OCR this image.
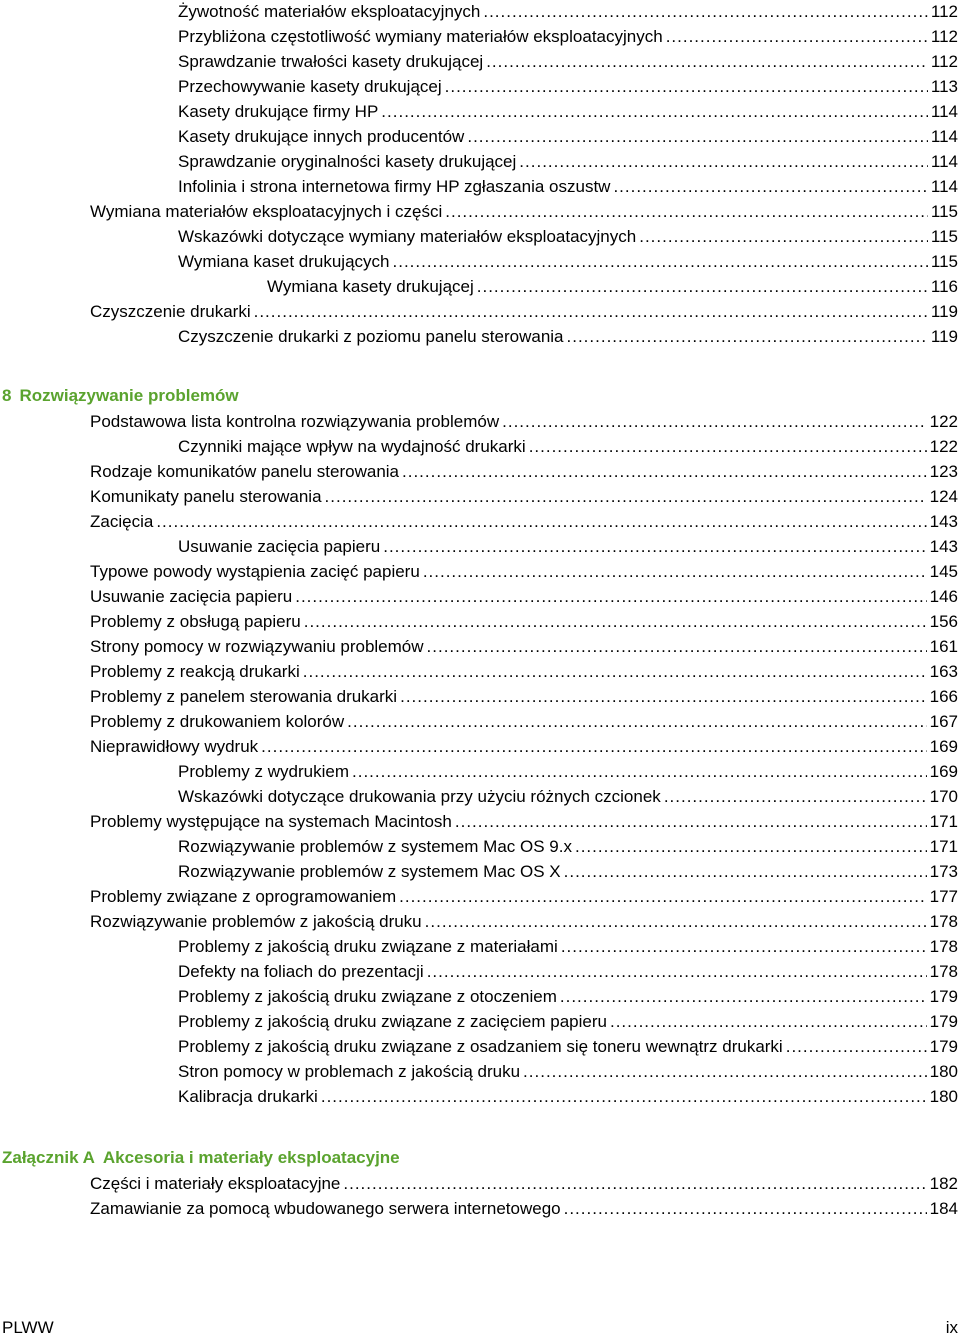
Żywotność materiałów eksploatacyjnych .....	112
Przybliżona częstotliwość wymiany materiałów eksploatacyjnych .....	112
Sprawdzanie trwałości kasety drukującej .....	112
Przechowywanie kasety drukującej .....	113
Kasety drukujące firmy HP .....	114
Kasety drukujące innych producentów .....	114
Sprawdzanie oryginalności kasety drukującej .....	114
Infolinia i strona internetowa firmy HP zgłaszania oszustw .....	114
Wymiana materiałów eksploatacyjnych i części .....	115
Wskazówki dotyczące wymiany materiałów eksploatacyjnych .....	115
Wymiana kaset drukujących .....	115
Wymiana kasety drukującej .....	116
Czyszczenie drukarki .....	119
Czyszczenie drukarki z poziomu panelu sterowania .....	119
8 Rozwiązywanie problemów
Podstawowa lista kontrolna rozwiązywania problemów .....	122
Czynniki mające wpływ na wydajność drukarki .....	122
Rodzaje komunikatów panelu sterowania .....	123
Komunikaty panelu sterowania .....	124
Zacięcia .....	143
Usuwanie zacięcia papieru .....	143
Typowe powody wystąpienia zacięć papieru .....	145
Usuwanie zacięcia papieru .....	146
Problemy z obsługą papieru .....	156
Strony pomocy w rozwiązywaniu problemów .....	161
Problemy z reakcją drukarki .....	163
Problemy z panelem sterowania drukarki .....	166
Problemy z drukowaniem kolorów .....	167
Nieprawidłowy wydruk .....	169
Problemy z wydrukiem .....	169
Wskazówki dotyczące drukowania przy użyciu różnych czcionek .....	170
Problemy występujące na systemach Macintosh .....	171
Rozwiązywanie problemów z systemem Mac OS 9.x .....	171
Rozwiązywanie problemów z systemem Mac OS X .....	173
Problemy związane z oprogramowaniem .....	177
Rozwiązywanie problemów z jakością druku .....	178
Problemy z jakością druku związane z materiałami .....	178
Defekty na foliach do prezentacji .....	178
Problemy z jakością druku związane z otoczeniem .....	179
Problemy z jakością druku związane z zacięciem papieru .....	179
Problemy z jakością druku związane z osadzaniem się toneru wewnątrz drukarki .....	179
Stron pomocy w problemach z jakością druku .....	180
Kalibracja drukarki .....	180
Załącznik A Akcesoria i materiały eksploatacyjne
Części i materiały eksploatacyjne .....	182
Zamawianie za pomocą wbudowanego serwera internetowego .....	184
PLWW	ix
